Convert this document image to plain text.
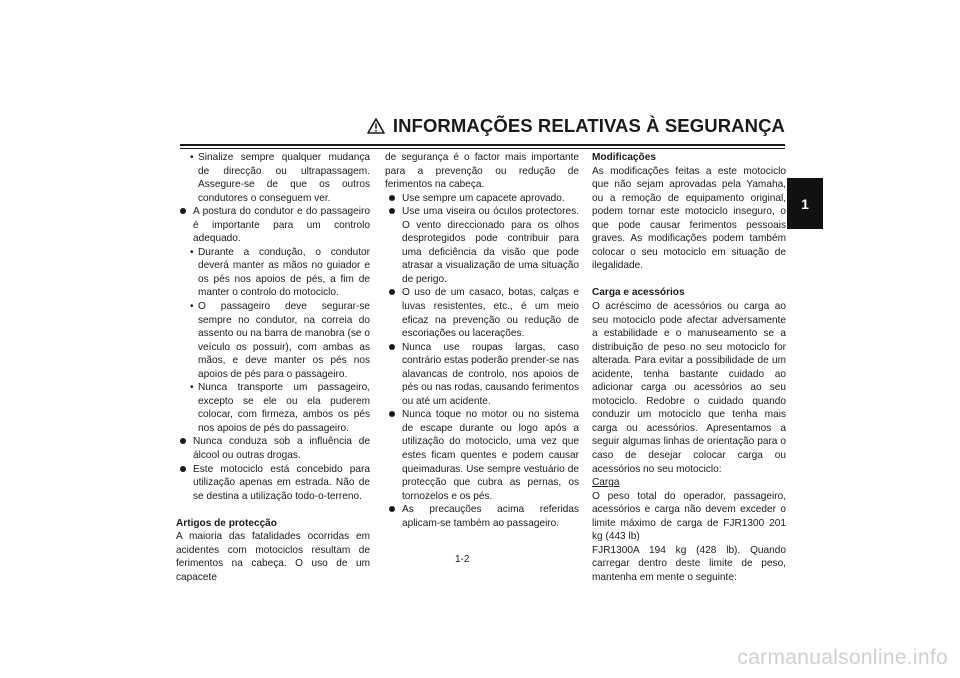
INFORMAÇÕES RELATIVAS À SEGURANÇA
1

• Sinalize sempre qualquer mudança de direcção ou ultrapassagem. Assegure-se de que os outros condutores o conseguem ver.

A postura do condutor e do passageiro é importante para um controlo adequado.

• Durante a condução, o condutor deverá manter as mãos no guiador e os pés nos apoios de pés, a fim de manter o controlo do motociclo.

• O passageiro deve segurar-se sempre no condutor, na correia do assento ou na barra de manobra (se o veículo os possuir), com ambas as mãos, e deve manter os pés nos apoios de pés para o passageiro.

• Nunca transporte um passageiro, excepto se ele ou ela puderem colocar, com firmeza, ambos os pés nos apoios de pés do passageiro.

Nunca conduza sob a influência de álcool ou outras drogas.

Este motociclo está concebido para utilização apenas em estrada. Não de se destina a utilização todo-o-terreno.

Artigos de protecção

A maioria das fatalidades ocorridas em acidentes com motociclos resultam de ferimentos na cabeça. O uso de um capacete

de segurança é o factor mais importante para a prevenção ou redução de ferimentos na cabeça.

Use sempre um capacete aprovado.

Use uma viseira ou óculos protectores. O vento direccionado para os olhos desprotegidos pode contribuir para uma deficiência da visão que pode atrasar a visualização de uma situação de perigo.

O uso de um casaco, botas, calças e luvas resistentes, etc., é um meio eficaz na prevenção ou redução de escoriações ou lacerações.

Nunca use roupas largas, caso contrário estas poderão prender-se nas alavancas de controlo, nos apoios de pés ou nas rodas, causando ferimentos ou até um acidente.

Nunca toque no motor ou no sistema de escape durante ou logo após a utilização do motociclo, uma vez que estes ficam quentes e podem causar queimaduras. Use sempre vestuário de protecção que cubra as pernas, os tornozelos e os pés.

As precauções acima referidas aplicam-se também ao passageiro.

Modificações

As modificações feitas a este motociclo que não sejam aprovadas pela Yamaha, ou a remoção de equipamento original, podem tornar este motociclo inseguro, o que pode causar ferimentos pessoais graves. As modificações podem também colocar o seu motociclo em situação de ilegalidade.

Carga e acessórios

O acréscimo de acessórios ou carga ao seu motociclo pode afectar adversamente a estabilidade e o manuseamento se a distribuição de peso no seu motociclo for alterada. Para evitar a possibilidade de um acidente, tenha bastante cuidado ao adicionar carga ou acessórios ao seu motociclo. Redobre o cuidado quando conduzir um motociclo que tenha mais carga ou acessórios. Apresentamos a seguir algumas linhas de orientação para o caso de desejar colocar carga ou acessórios no seu motociclo:

Carga

O peso total do operador, passageiro, acessórios e carga não devem exceder o limite máximo de carga de FJR1300 201 kg (443 lb)

FJR1300A 194 kg (428 lb). Quando carregar dentro deste limite de peso, mantenha em mente o seguinte:

1-2
carmanualsonline.info
